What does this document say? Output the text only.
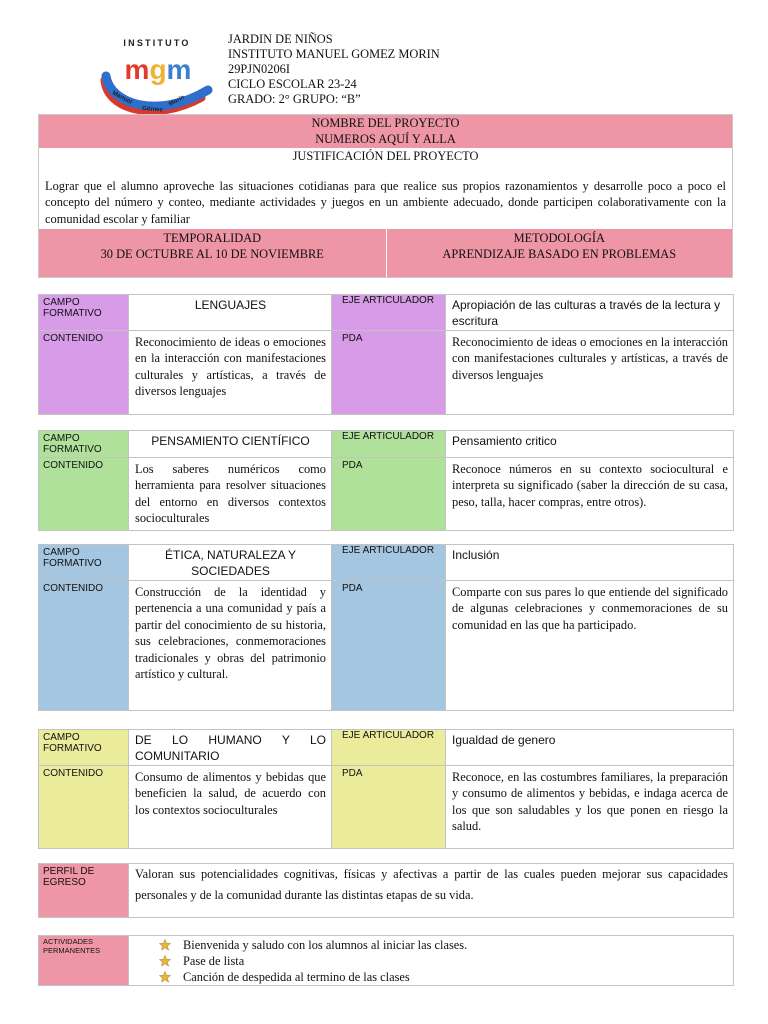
INSTITUTO
mgm
Manuel
Gómez
Morín
JARDIN DE NIÑOS
INSTITUTO MANUEL GOMEZ MORIN
29PJN0206I
CICLO ESCOLAR 23-24
GRADO: 2° GRUPO: “B”
NOMBRE DEL PROYECTO
NUMEROS AQUÍ Y ALLA
JUSTIFICACIÓN DEL PROYECTO
Lograr que el alumno aproveche las situaciones cotidianas para que realice sus propios razonamientos y desarrolle poco a poco el concepto del número y conteo, mediante actividades y juegos en un ambiente adecuado, donde participen colaborativamente con la comunidad escolar y familiar
TEMPORALIDAD
30 DE OCTUBRE AL 10 DE NOVIEMBRE
METODOLOGÍA
APRENDIZAJE BASADO EN PROBLEMAS
CAMPO FORMATIVO	LENGUAJES	EJE ARTICULADOR	Apropiación de las culturas a través de la lectura y escritura
CONTENIDO	Reconocimiento de ideas o emociones en la interacción con manifestaciones culturales y artísticas, a través de diversos lenguajes	PDA	Reconocimiento de ideas o emociones en la interacción con manifestaciones culturales y artísticas, a través de diversos lenguajes
CAMPO FORMATIVO	PENSAMIENTO CIENTÍFICO	EJE ARTICULADOR	Pensamiento critico
CONTENIDO	Los saberes numéricos como herramienta para resolver situaciones del entorno en diversos contextos socioculturales	PDA	Reconoce números en su contexto sociocultural e interpreta su significado (saber la dirección de su casa, peso, talla, hacer compras, entre otros).
CAMPO FORMATIVO	ÉTICA, NATURALEZA Y SOCIEDADES	EJE ARTICULADOR	Inclusión
CONTENIDO	Construcción de la identidad y pertenencia a una comunidad y país a partir del conocimiento de su historia, sus celebraciones, conmemoraciones tradicionales y obras del patrimonio artístico y cultural.	PDA	Comparte con sus pares lo que entiende del significado de algunas celebraciones y conmemoraciones de su comunidad en las que ha participado.
CAMPO FORMATIVO	DE LO HUMANO Y LO COMUNITARIO	EJE ARTICULADOR	Igualdad de genero
CONTENIDO	Consumo de alimentos y bebidas que beneficien la salud, de acuerdo con los contextos socioculturales	PDA	Reconoce, en las costumbres familiares, la preparación y consumo de alimentos y bebidas, e indaga acerca de los que son saludables y los que ponen en riesgo la salud.
PERFIL DE EGRESO	Valoran sus potencialidades cognitivas, físicas y afectivas a partir de las cuales pueden mejorar sus capacidades personales y de la comunidad durante las distintas etapas de su vida.
ACTIVIDADES PERMANENTES	Bienvenida y saludo con los alumnos al iniciar las clases.
Pase de lista
Canción de despedida al termino de las clases
